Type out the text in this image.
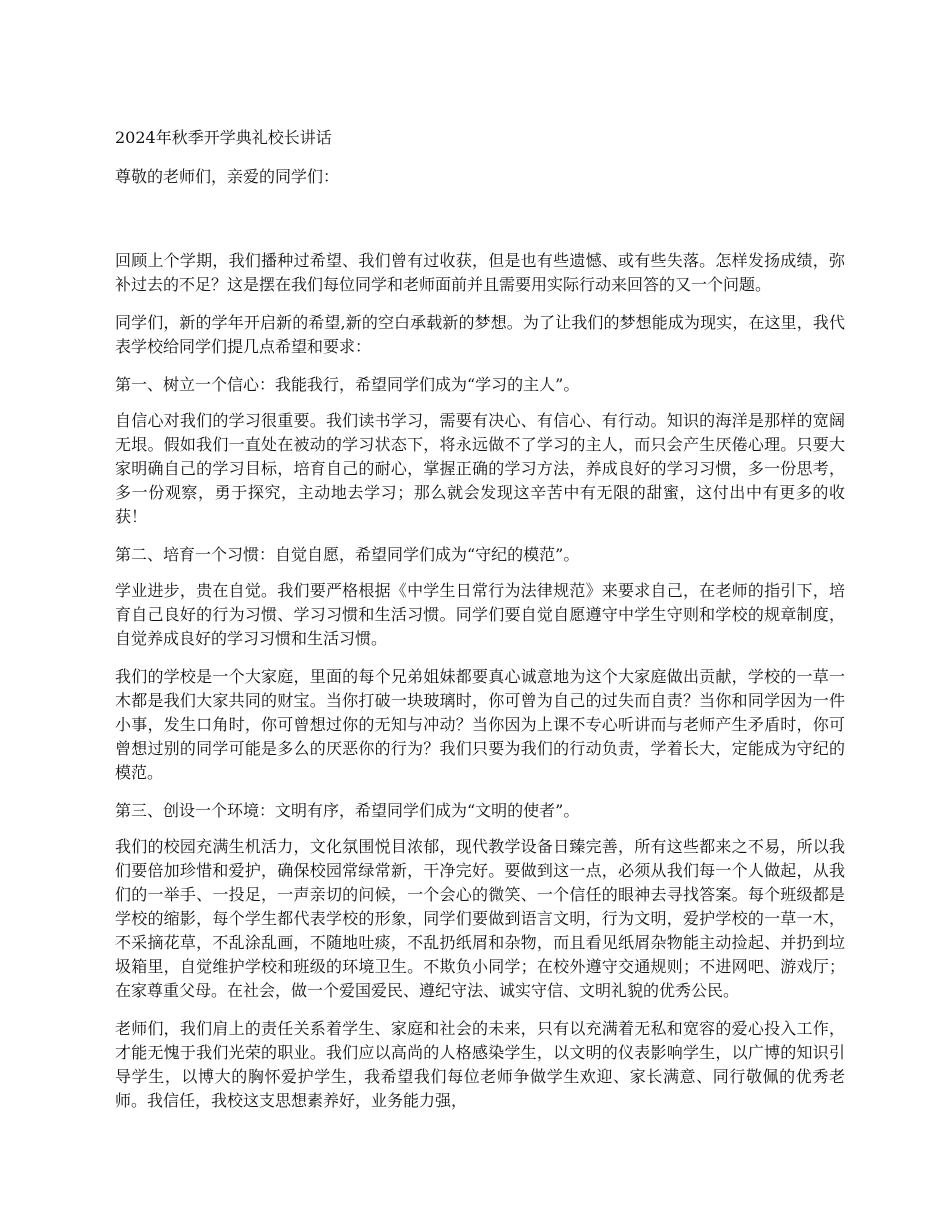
2024年秋季开学典礼校长讲话

尊敬的老师们，亲爱的同学们：

回顾上个学期，我们播种过希望、我们曾有过收获，但是也有些遗憾、或有些失落。怎样发扬成绩，弥补过去的不足？这是摆在我们每位同学和老师面前并且需要用实际行动来回答的又一个问题。

同学们，新的学年开启新的希望,新的空白承载新的梦想。为了让我们的梦想能成为现实，在这里，我代表学校给同学们提几点希望和要求：

第一、树立一个信心：我能我行，希望同学们成为“学习的主人”。

自信心对我们的学习很重要。我们读书学习，需要有决心、有信心、有行动。知识的海洋是那样的宽阔无垠。假如我们一直处在被动的学习状态下，将永远做不了学习的主人，而只会产生厌倦心理。只要大家明确自己的学习目标，培育自己的耐心，掌握正确的学习方法，养成良好的学习习惯，多一份思考，多一份观察，勇于探究，主动地去学习；那么就会发现这辛苦中有无限的甜蜜，这付出中有更多的收获！

第二、培育一个习惯：自觉自愿，希望同学们成为“守纪的模范”。

学业进步，贵在自觉。我们要严格根据《中学生日常行为法律规范》来要求自己，在老师的指引下，培育自己良好的行为习惯、学习习惯和生活习惯。同学们要自觉自愿遵守中学生守则和学校的规章制度，自觉养成良好的学习习惯和生活习惯。

我们的学校是一个大家庭，里面的每个兄弟姐妹都要真心诚意地为这个大家庭做出贡献，学校的一草一木都是我们大家共同的财宝。当你打破一块玻璃时，你可曾为自己的过失而自责？当你和同学因为一件小事，发生口角时，你可曾想过你的无知与冲动？当你因为上课不专心听讲而与老师产生矛盾时，你可曾想过别的同学可能是多么的厌恶你的行为？我们只要为我们的行动负责，学着长大，定能成为守纪的模范。

第三、创设一个环境：文明有序，希望同学们成为“文明的使者”。

我们的校园充满生机活力，文化氛围悦目浓郁，现代教学设备日臻完善，所有这些都来之不易，所以我们要倍加珍惜和爱护，确保校园常绿常新，干净完好。要做到这一点，必须从我们每一个人做起，从我们的一举手、一投足，一声亲切的问候，一个会心的微笑、一个信任的眼神去寻找答案。每个班级都是学校的缩影，每个学生都代表学校的形象，同学们要做到语言文明，行为文明，爱护学校的一草一木，不采摘花草，不乱涂乱画，不随地吐痰，不乱扔纸屑和杂物，而且看见纸屑杂物能主动捡起、并扔到垃圾箱里，自觉维护学校和班级的环境卫生。不欺负小同学；在校外遵守交通规则；不进网吧、游戏厅；在家尊重父母。在社会，做一个爱国爱民、遵纪守法、诚实守信、文明礼貌的优秀公民。

老师们，我们肩上的责任关系着学生、家庭和社会的未来，只有以充满着无私和宽容的爱心投入工作，才能无愧于我们光荣的职业。我们应以高尚的人格感染学生，以文明的仪表影响学生，以广博的知识引导学生，以博大的胸怀爱护学生，我希望我们每位老师争做学生欢迎、家长满意、同行敬佩的优秀老师。我信任，我校这支思想素养好，业务能力强，
